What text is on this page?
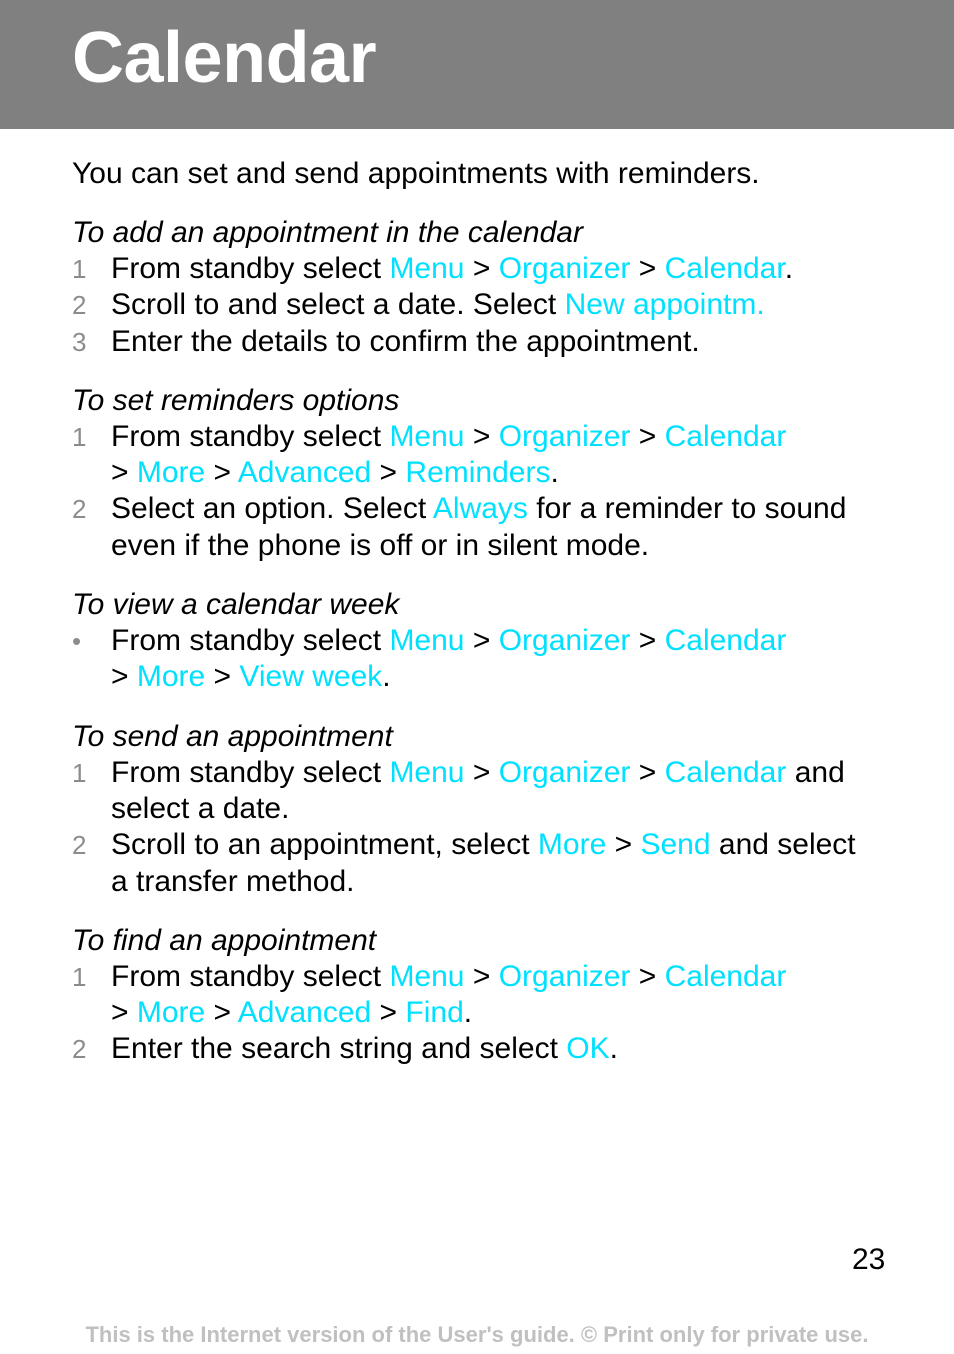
Calendar

You can set and send appointments with reminders.

To add an appointment in the calendar

1 From standby select Menu > Organizer > Calendar.
2 Scroll to and select a date. Select New appointm.
3 Enter the details to confirm the appointment.

To set reminders options

1 From standby select Menu > Organizer > Calendar
> More > Advanced > Reminders.
2 Select an option. Select Always for a reminder to sound even if the phone is off or in silent mode.

To view a calendar week

• From standby select Menu > Organizer > Calendar
> More > View week.

To send an appointment

1 From standby select Menu > Organizer > Calendar and select a date.
2 Scroll to an appointment, select More > Send and select a transfer method.

To find an appointment

1 From standby select Menu > Organizer > Calendar
> More > Advanced > Find.
2 Enter the search string and select OK.
23
This is the Internet version of the User's guide. © Print only for private use.
